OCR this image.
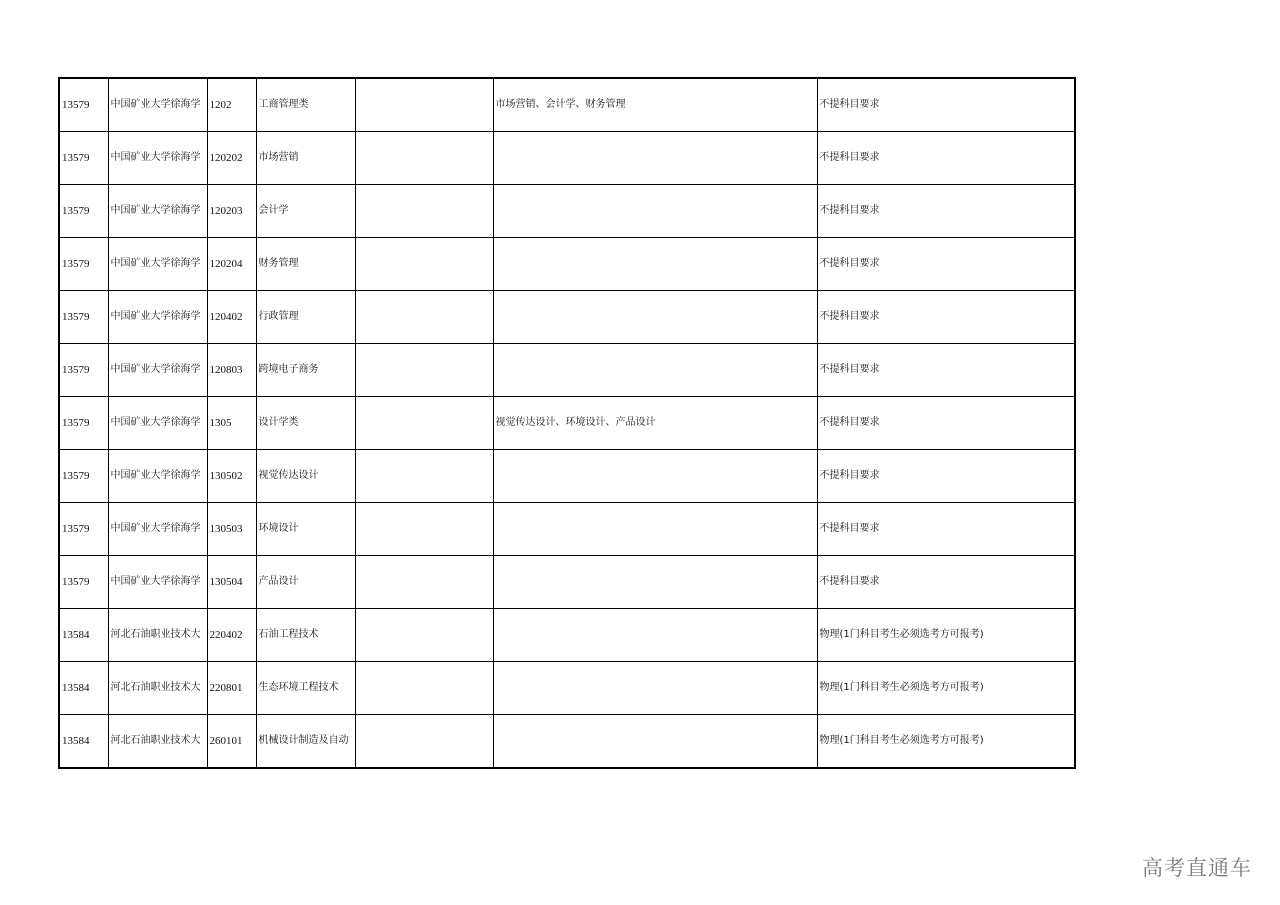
13579	中国矿业大学徐海学	1202	工商管理类		市场营销、会计学、财务管理	不提科目要求
13579	中国矿业大学徐海学	120202	市场营销			不提科目要求
13579	中国矿业大学徐海学	120203	会计学			不提科目要求
13579	中国矿业大学徐海学	120204	财务管理			不提科目要求
13579	中国矿业大学徐海学	120402	行政管理			不提科目要求
13579	中国矿业大学徐海学	120803	跨境电子商务			不提科目要求
13579	中国矿业大学徐海学	1305	设计学类		视觉传达设计、环境设计、产品设计	不提科目要求
13579	中国矿业大学徐海学	130502	视觉传达设计			不提科目要求
13579	中国矿业大学徐海学	130503	环境设计			不提科目要求
13579	中国矿业大学徐海学	130504	产品设计			不提科目要求
13584	河北石油职业技术大	220402	石油工程技术			物理(1门科目考生必须选考方可报考)
13584	河北石油职业技术大	220801	生态环境工程技术			物理(1门科目考生必须选考方可报考)
13584	河北石油职业技术大	260101	机械设计制造及自动			物理(1门科目考生必须选考方可报考)
高考直通车
